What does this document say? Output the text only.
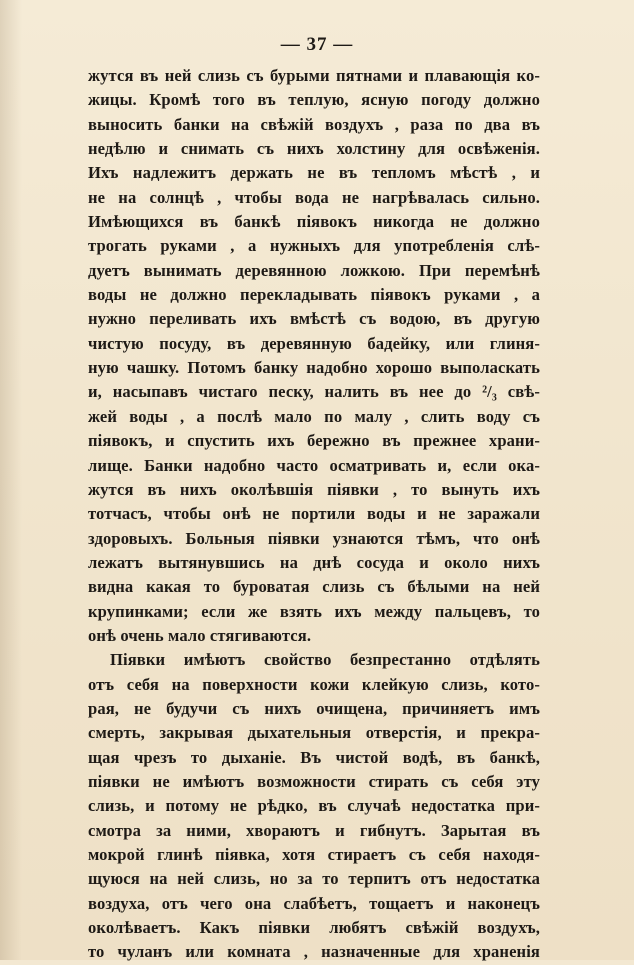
— 37 —
жутся въ ней слизь съ бурыми пятнами и плавающія ко-
жицы. Кромѣ того въ теплую, ясную погоду должно
выносить банки на свѣжій воздухъ , раза по два въ
недѣлю и снимать съ нихъ холстину для освѣженія.
Ихъ надлежитъ держать не въ тепломъ мѣстѣ , и
не на солнцѣ , чтобы вода не нагрѣвалась сильно.
Имѣющихся въ банкѣ піявокъ никогда не должно
трогать руками , а нужныхъ для употребленія слѣ-
дуетъ вынимать деревянною ложкою. При перемѣнѣ
воды не должно перекладывать піявокъ руками , а
нужно переливать ихъ вмѣстѣ съ водою, въ другую
чистую посуду, въ деревянную бадейку, или глиня-
ную чашку. Потомъ банку надобно хорошо выполаскать
и, насыпавъ чистаго песку, налить въ нее до ²/₃ свѣ-
жей воды , а послѣ мало по малу , слить воду съ
піявокъ, и спустить ихъ бережно въ прежнее храни-
лище. Банки надобно часто осматривать и, если ока-
жутся въ нихъ околѣвшія піявки , то вынуть ихъ
тотчасъ, чтобы онѣ не портили воды и не заражали
здоровыхъ. Больныя піявки узнаются тѣмъ, что онѣ
лежатъ вытянувшись на днѣ сосуда и около нихъ
видна какая то буроватая слизь съ бѣлыми на ней
крупинками; если же взять ихъ между пальцевъ, то
онѣ очень мало стягиваются.
Піявки имѣютъ свойство безпрестанно отдѣлять
отъ себя на поверхности кожи клейкую слизь, кото-
рая, не будучи съ нихъ очищена, причиняетъ имъ
смерть, закрывая дыхательныя отверстія, и прекра-
щая чрезъ то дыханіе. Въ чистой водѣ, въ банкѣ,
піявки не имѣютъ возможности стирать съ себя эту
слизь, и потому не рѣдко, въ случаѣ недостатка при-
смотра за ними, хвораютъ и гибнутъ. Зарытая въ
мокрой глинѣ піявка, хотя стираетъ съ себя находя-
щуюся на ней слизь, но за то терпитъ отъ недостатка
воздуха, отъ чего она слабѣетъ, тощаетъ и наконецъ
околѣваетъ. Какъ піявки любятъ свѣжій воздухъ,
то чуланъ или комната , назначенные для храненія
